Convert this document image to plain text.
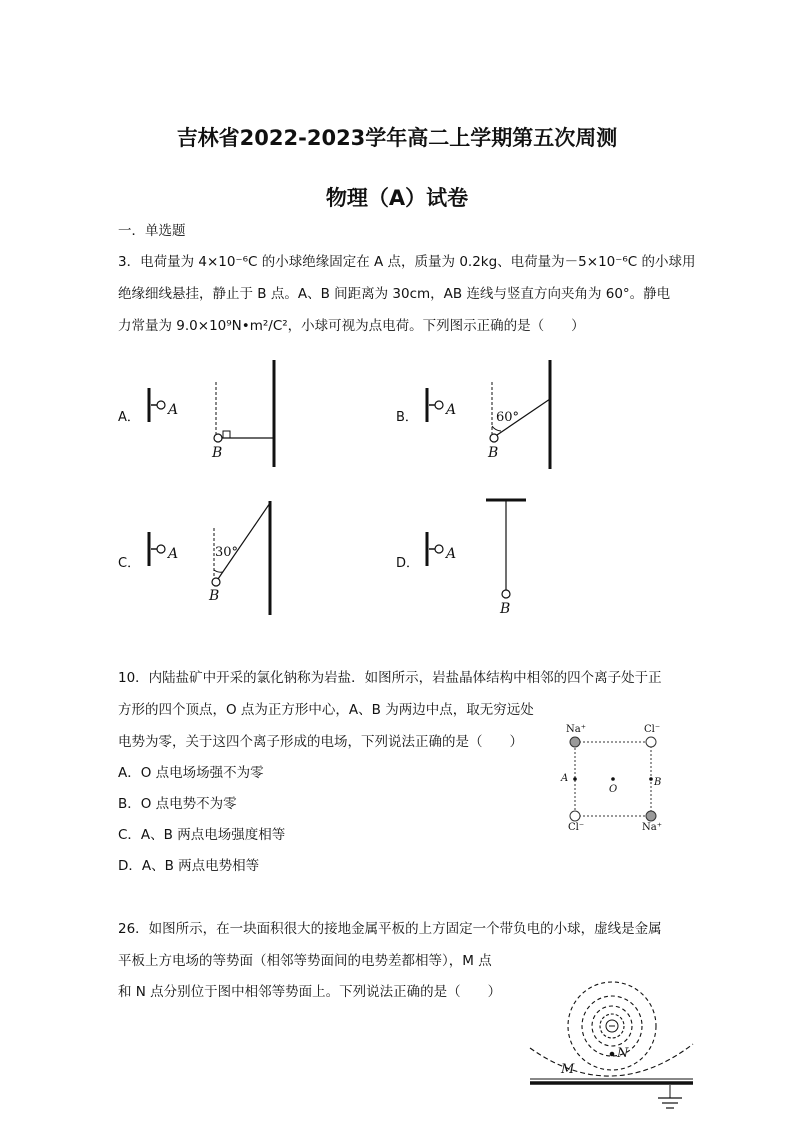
吉林省2022-2023学年高二上学期第五次周测
物理（A）试卷
一．单选题
3．电荷量为 4×10⁻⁶C 的小球绝缘固定在 A 点，质量为 0.2kg、电荷量为－5×10⁻⁶C 的小球用
绝缘细线悬挂，静止于 B 点。A、B 间距离为 30cm，AB 连线与竖直方向夹角为 60°。静电
力常量为 9.0×10⁹N•m²/C²，小球可视为点电荷。下列图示正确的是（　　）
A． A
B
B． A	60°
B
C．
A	30°
B
D．
A
B
10．内陆盐矿中开采的氯化钠称为岩盐．如图所示，岩盐晶体结构中相邻的四个离子处于正
方形的四个顶点，O 点为正方形中心，A、B 为两边中点，取无穷远处
电势为零，关于这四个离子形成的电场，下列说法正确的是（　　）
A．O 点电场场强不为零
B．O 点电势不为零
C．A、B 两点电场强度相等
D．A、B 两点电势相等
Na⁺	Cl⁻
Cl⁻	Na⁺
A
O
B
26．如图所示，在一块面积很大的接地金属平板的上方固定一个带负电的小球，虚线是金属
平板上方电场的等势面（相邻等势面间的电势差都相等），M 点
和 N 点分别位于图中相邻等势面上。下列说法正确的是（　　）
N
M
